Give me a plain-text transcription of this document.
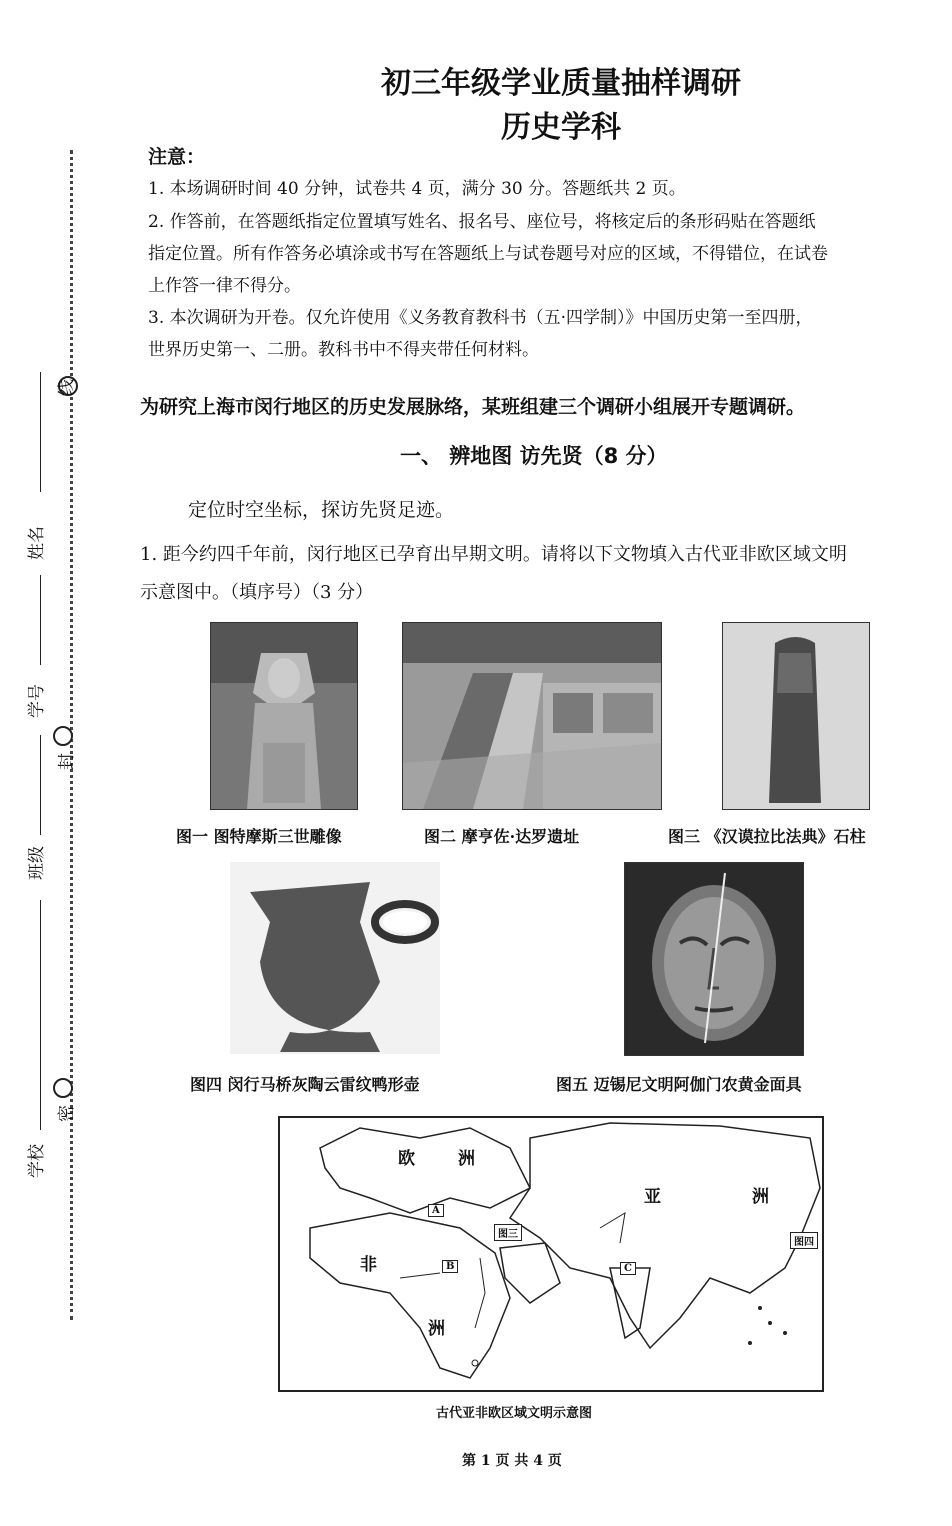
线
封
密
姓名
学号
班级
学校
初三年级学业质量抽样调研
历史学科
注意：
1. 本场调研时间 40 分钟，试卷共 4 页，满分 30 分。答题纸共 2 页。
2. 作答前，在答题纸指定位置填写姓名、报名号、座位号，将核定后的条形码贴在答题纸
指定位置。所有作答务必填涂或书写在答题纸上与试卷题号对应的区域，不得错位，在试卷
上作答一律不得分。
3. 本次调研为开卷。仅允许使用《义务教育教科书（五·四学制）》中国历史第一至四册，
世界历史第一、二册。教科书中不得夹带任何材料。
为研究上海市闵行地区的历史发展脉络，某班组建三个调研小组展开专题调研。
一、 辨地图 访先贤（8 分）
定位时空坐标，探访先贤足迹。
1. 距今约四千年前，闵行地区已孕育出早期文明。请将以下文物填入古代亚非欧区域文明
示意图中。（填序号）（3 分）
图一 图特摩斯三世雕像	图二 摩亨佐·达罗遗址	图三 《汉谟拉比法典》石柱
图四 闵行马桥灰陶云雷纹鸭形壶	图五 迈锡尼文明阿伽门农黄金面具
欧	洲
亚	洲
非
洲
A
图三
B	C
图四
古代亚非欧区域文明示意图
第 1 页 共 4 页
